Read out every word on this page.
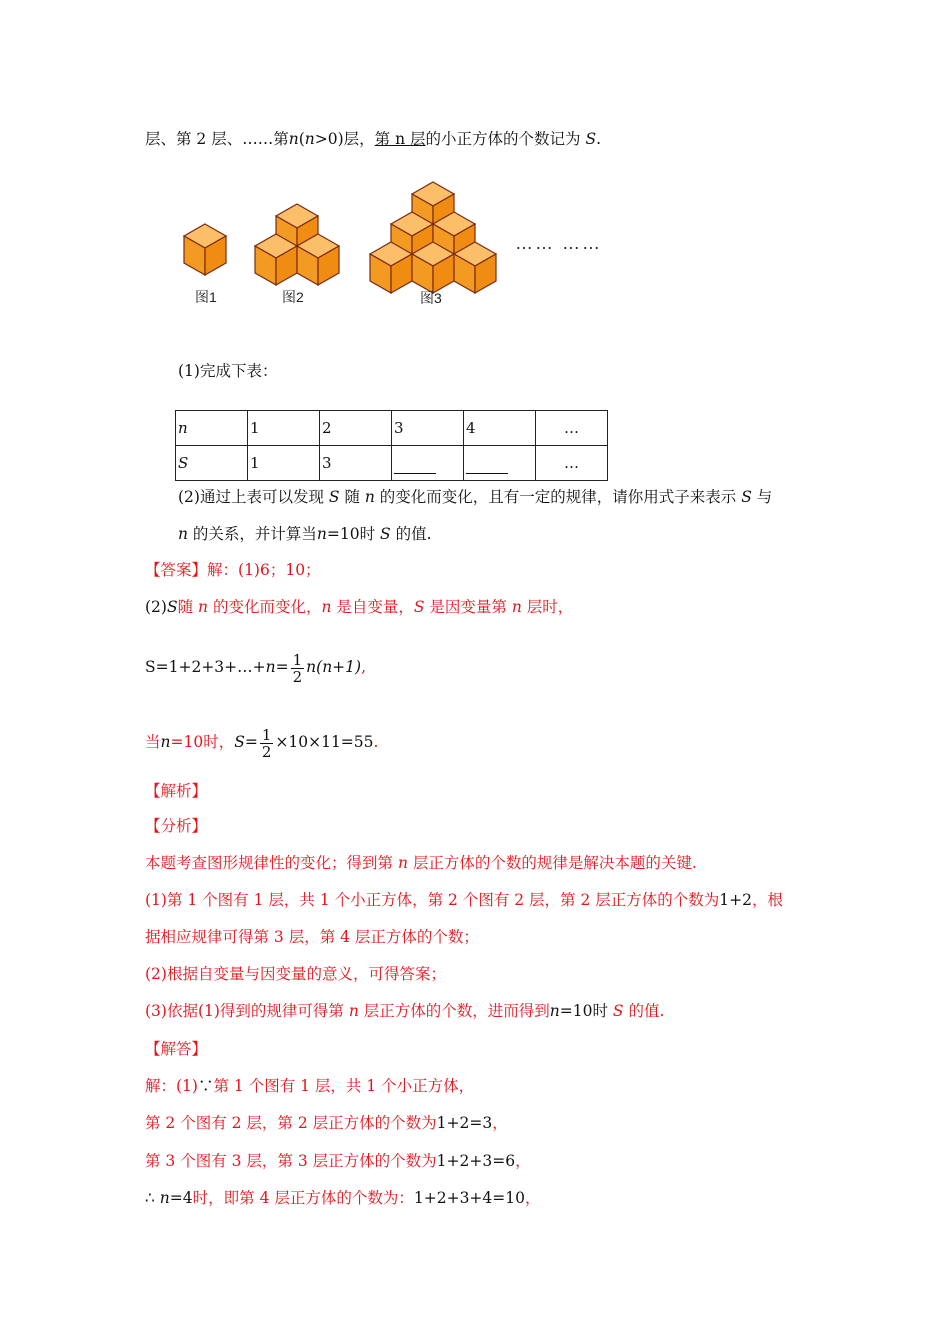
层、第 2 层、……第n(n>0)层，第 n 层的小正方体的个数记为 S.
图1	图2	图3
…… ……
(1)完成下表：
n	1	2	3	4	…
S	1	3			…
(2)通过上表可以发现 S 随 n 的变化而变化，且有一定的规律，请你用式子来表示 S 与
n 的关系，并计算当n=10时 S 的值.
【答案】解：(1)6；10；
(2)S随 n 的变化而变化，n 是自变量，S 是因变量第 n 层时，
S=1+2+3+…+n= $\frac{1}{2} n(n+1)$,
当n=10时，$S= \frac{1}{2} \times 10\times 11=55$.
【解析】
【分析】
本题考查图形规律性的变化；得到第 n 层正方体的个数的规律是解决本题的关键.
(1)第 1 个图有 1 层，共 1 个小正方体，第 2 个图有 2 层，第 2 层正方体的个数为1+2，根
据相应规律可得第 3 层，第 4 层正方体的个数；
(2)根据自变量与因变量的意义，可得答案；
(3)依据(1)得到的规律可得第 n 层正方体的个数，进而得到n=10时 S 的值.
【解答】
解：(1)∵第 1 个图有 1 层，共 1 个小正方体，
第 2 个图有 2 层，第 2 层正方体的个数为1+2=3，
第 3 个图有 3 层，第 3 层正方体的个数为1+2+3=6，
∴ n=4时，即第 4 层正方体的个数为：1+2+3+4=10，
